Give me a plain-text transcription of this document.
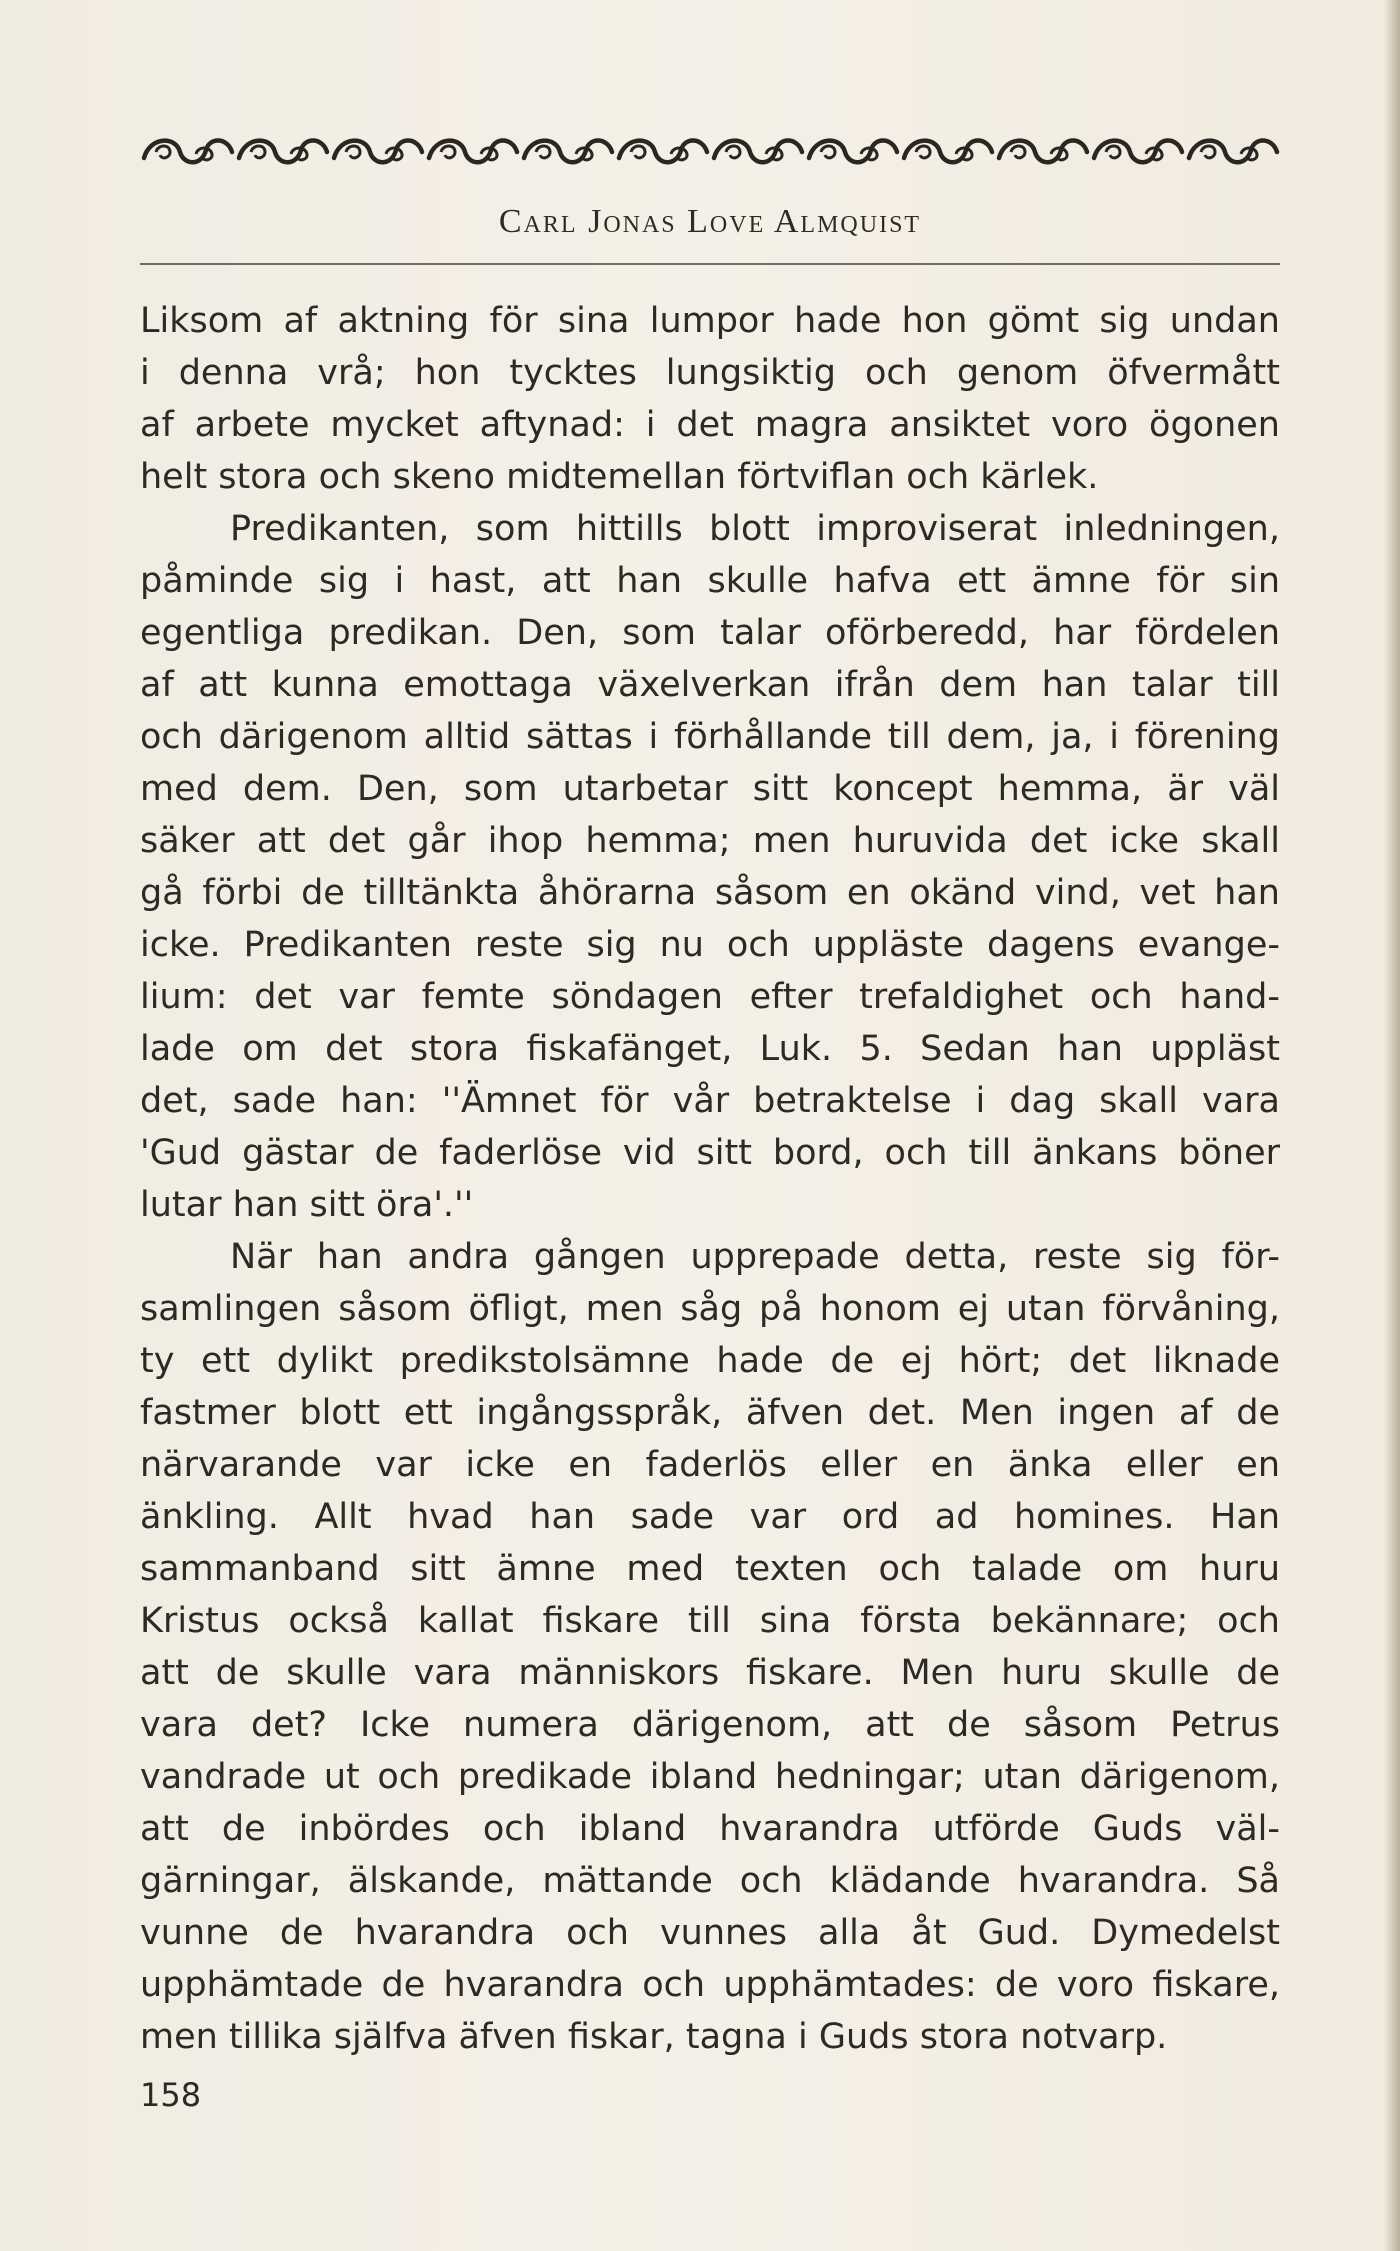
Carl Jonas Love Almquist
Liksom af aktning för sina lumpor hade hon gömt sig undan
i denna vrå; hon tycktes lungsiktig och genom öfvermått
af arbete mycket aftynad: i det magra ansiktet voro ögonen
helt stora och skeno midtemellan förtviflan och kärlek.
Predikanten, som hittills blott improviserat inledningen,
påminde sig i hast, att han skulle hafva ett ämne för sin
egentliga predikan. Den, som talar oförberedd, har fördelen
af att kunna emottaga växelverkan ifrån dem han talar till
och därigenom alltid sättas i förhållande till dem, ja, i förening
med dem. Den, som utarbetar sitt koncept hemma, är väl
säker att det går ihop hemma; men huruvida det icke skall
gå förbi de tilltänkta åhörarna såsom en okänd vind, vet han
icke. Predikanten reste sig nu och uppläste dagens evange-
lium: det var femte söndagen efter trefaldighet och hand-
lade om det stora fiskafänget, Luk. 5. Sedan han uppläst
det, sade han: ''Ämnet för vår betraktelse i dag skall vara
'Gud gästar de faderlöse vid sitt bord, och till änkans böner
lutar han sitt öra'.''
När han andra gången upprepade detta, reste sig för-
samlingen såsom öfligt, men såg på honom ej utan förvåning,
ty ett dylikt predikstolsämne hade de ej hört; det liknade
fastmer blott ett ingångsspråk, äfven det. Men ingen af de
närvarande var icke en faderlös eller en änka eller en
änkling. Allt hvad han sade var ord ad homines. Han
sammanband sitt ämne med texten och talade om huru
Kristus också kallat fiskare till sina första bekännare; och
att de skulle vara människors fiskare. Men huru skulle de
vara det? Icke numera därigenom, att de såsom Petrus
vandrade ut och predikade ibland hedningar; utan därigenom,
att de inbördes och ibland hvarandra utförde Guds väl-
gärningar, älskande, mättande och klädande hvarandra. Så
vunne de hvarandra och vunnes alla åt Gud. Dymedelst
upphämtade de hvarandra och upphämtades: de voro fiskare,
men tillika själfva äfven fiskar, tagna i Guds stora notvarp.
158
